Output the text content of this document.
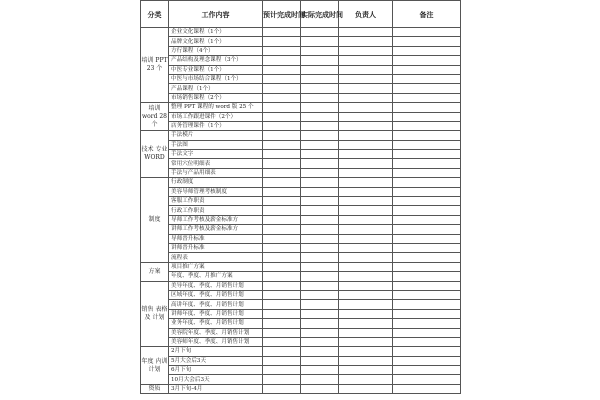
分类	工作内容	预计完成时间	实际完成时间	负责人	备注
培训 PPT 23 个	企业文化课程（1个）				
	品牌文化课程（1个）				
	方行课程（4个）				
	产品结构及理念课程（3个）				
	中医专业课程（1个）				
	中医与市场结合课程（1个）				
	产品课程（1个）				
	市场销售课程（2个）				
培训 word 28 个	整理 PPT 课程的 word 版 25 个				
	市场工作跟进课件（2个）				
	店务管理课件（1个）				
技术 专业 WORD	手法模片				
	手法图				
	手法文字				
	常用穴位明细表				
	手法与产品用细表				
制度	行政制度				
	美容导师管理考核制度				
	客服工作职责				
	行政工作职责				
	导师工作考核及薪金标准方				
	讲师工作考核及薪金标准方				
	导师晋升标准				
	讲师晋升标准				
	流程表				
方案	项目推广方案				
	年度、季度、月推广方案				
销售 表格及 计划	美导年度、季度、月销售计划				
	区域年度、季度、月销售计划				
	高讲年度、季度、月销售计划				
	讲师年度、季度、月销售计划				
	业务年度、季度、月销售计划				
	美容院年度、季度、月销售计划				
	美容师年度、季度、月销售计划				
年度 内训 计划	2月下旬				
	5月大会后3天				
	6月下旬				
	10月大会后3天				
资质	3月下旬-4月				
